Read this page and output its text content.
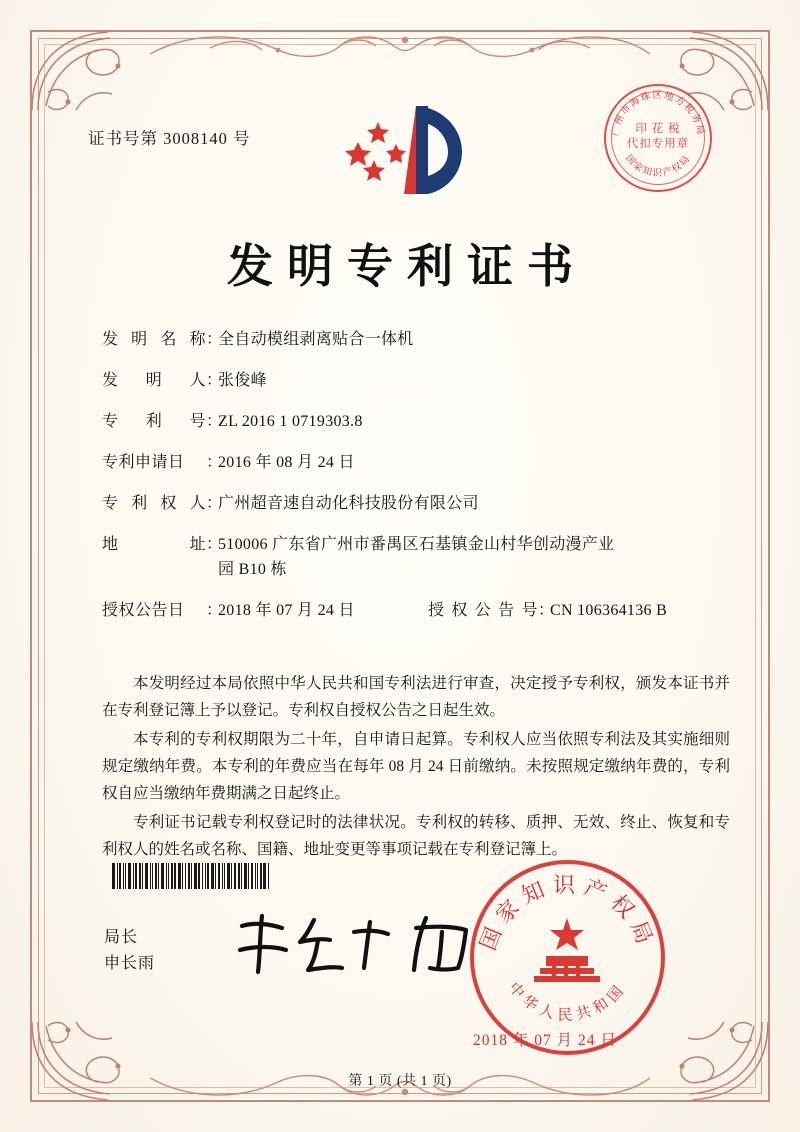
证书号第 3008140 号	广州市海珠区地方税务局
国家知识产权局
印 花 税
代扣专用章
发明专利证书
发 明 名 称 ：
全自动模组剥离贴合一体机
发 明 人 ：
张俊峰
专 利 号 ：
ZL 2016 1 0719303.8
专利申请日	：
2016 年 08 月 24 日
专 利 权 人 ：
广州超音速自动化科技股份有限公司
地	址 ：
510006 广东省广州市番禺区石基镇金山村华创动漫产业
园 B10 栋
授权公告日	：
2018 年 07 月 24 日	授 权 公 告 号 ：
CN 106364136 B

本发明经过本局依照中华人民共和国专利法进行审查，决定授予专利权，颁发本证书并在专利登记簿上予以登记。专利权自授权公告之日起生效。

本专利的专利权期限为二十年，自申请日起算。专利权人应当依照专利法及其实施细则规定缴纳年费。本专利的年费应当在每年 08 月 24 日前缴纳。未按照规定缴纳年费的，专利权自应当缴纳年费期满之日起终止。

专利证书记载专利权登记时的法律状况。专利权的转移、质押、无效、终止、恢复和专利权人的姓名或名称、国籍、地址变更等事项记载在专利登记簿上。

局长
申长雨
国家知识产权局
中华人民共和国
2018 年 07 月 24 日
第 1 页 (共 1 页)
